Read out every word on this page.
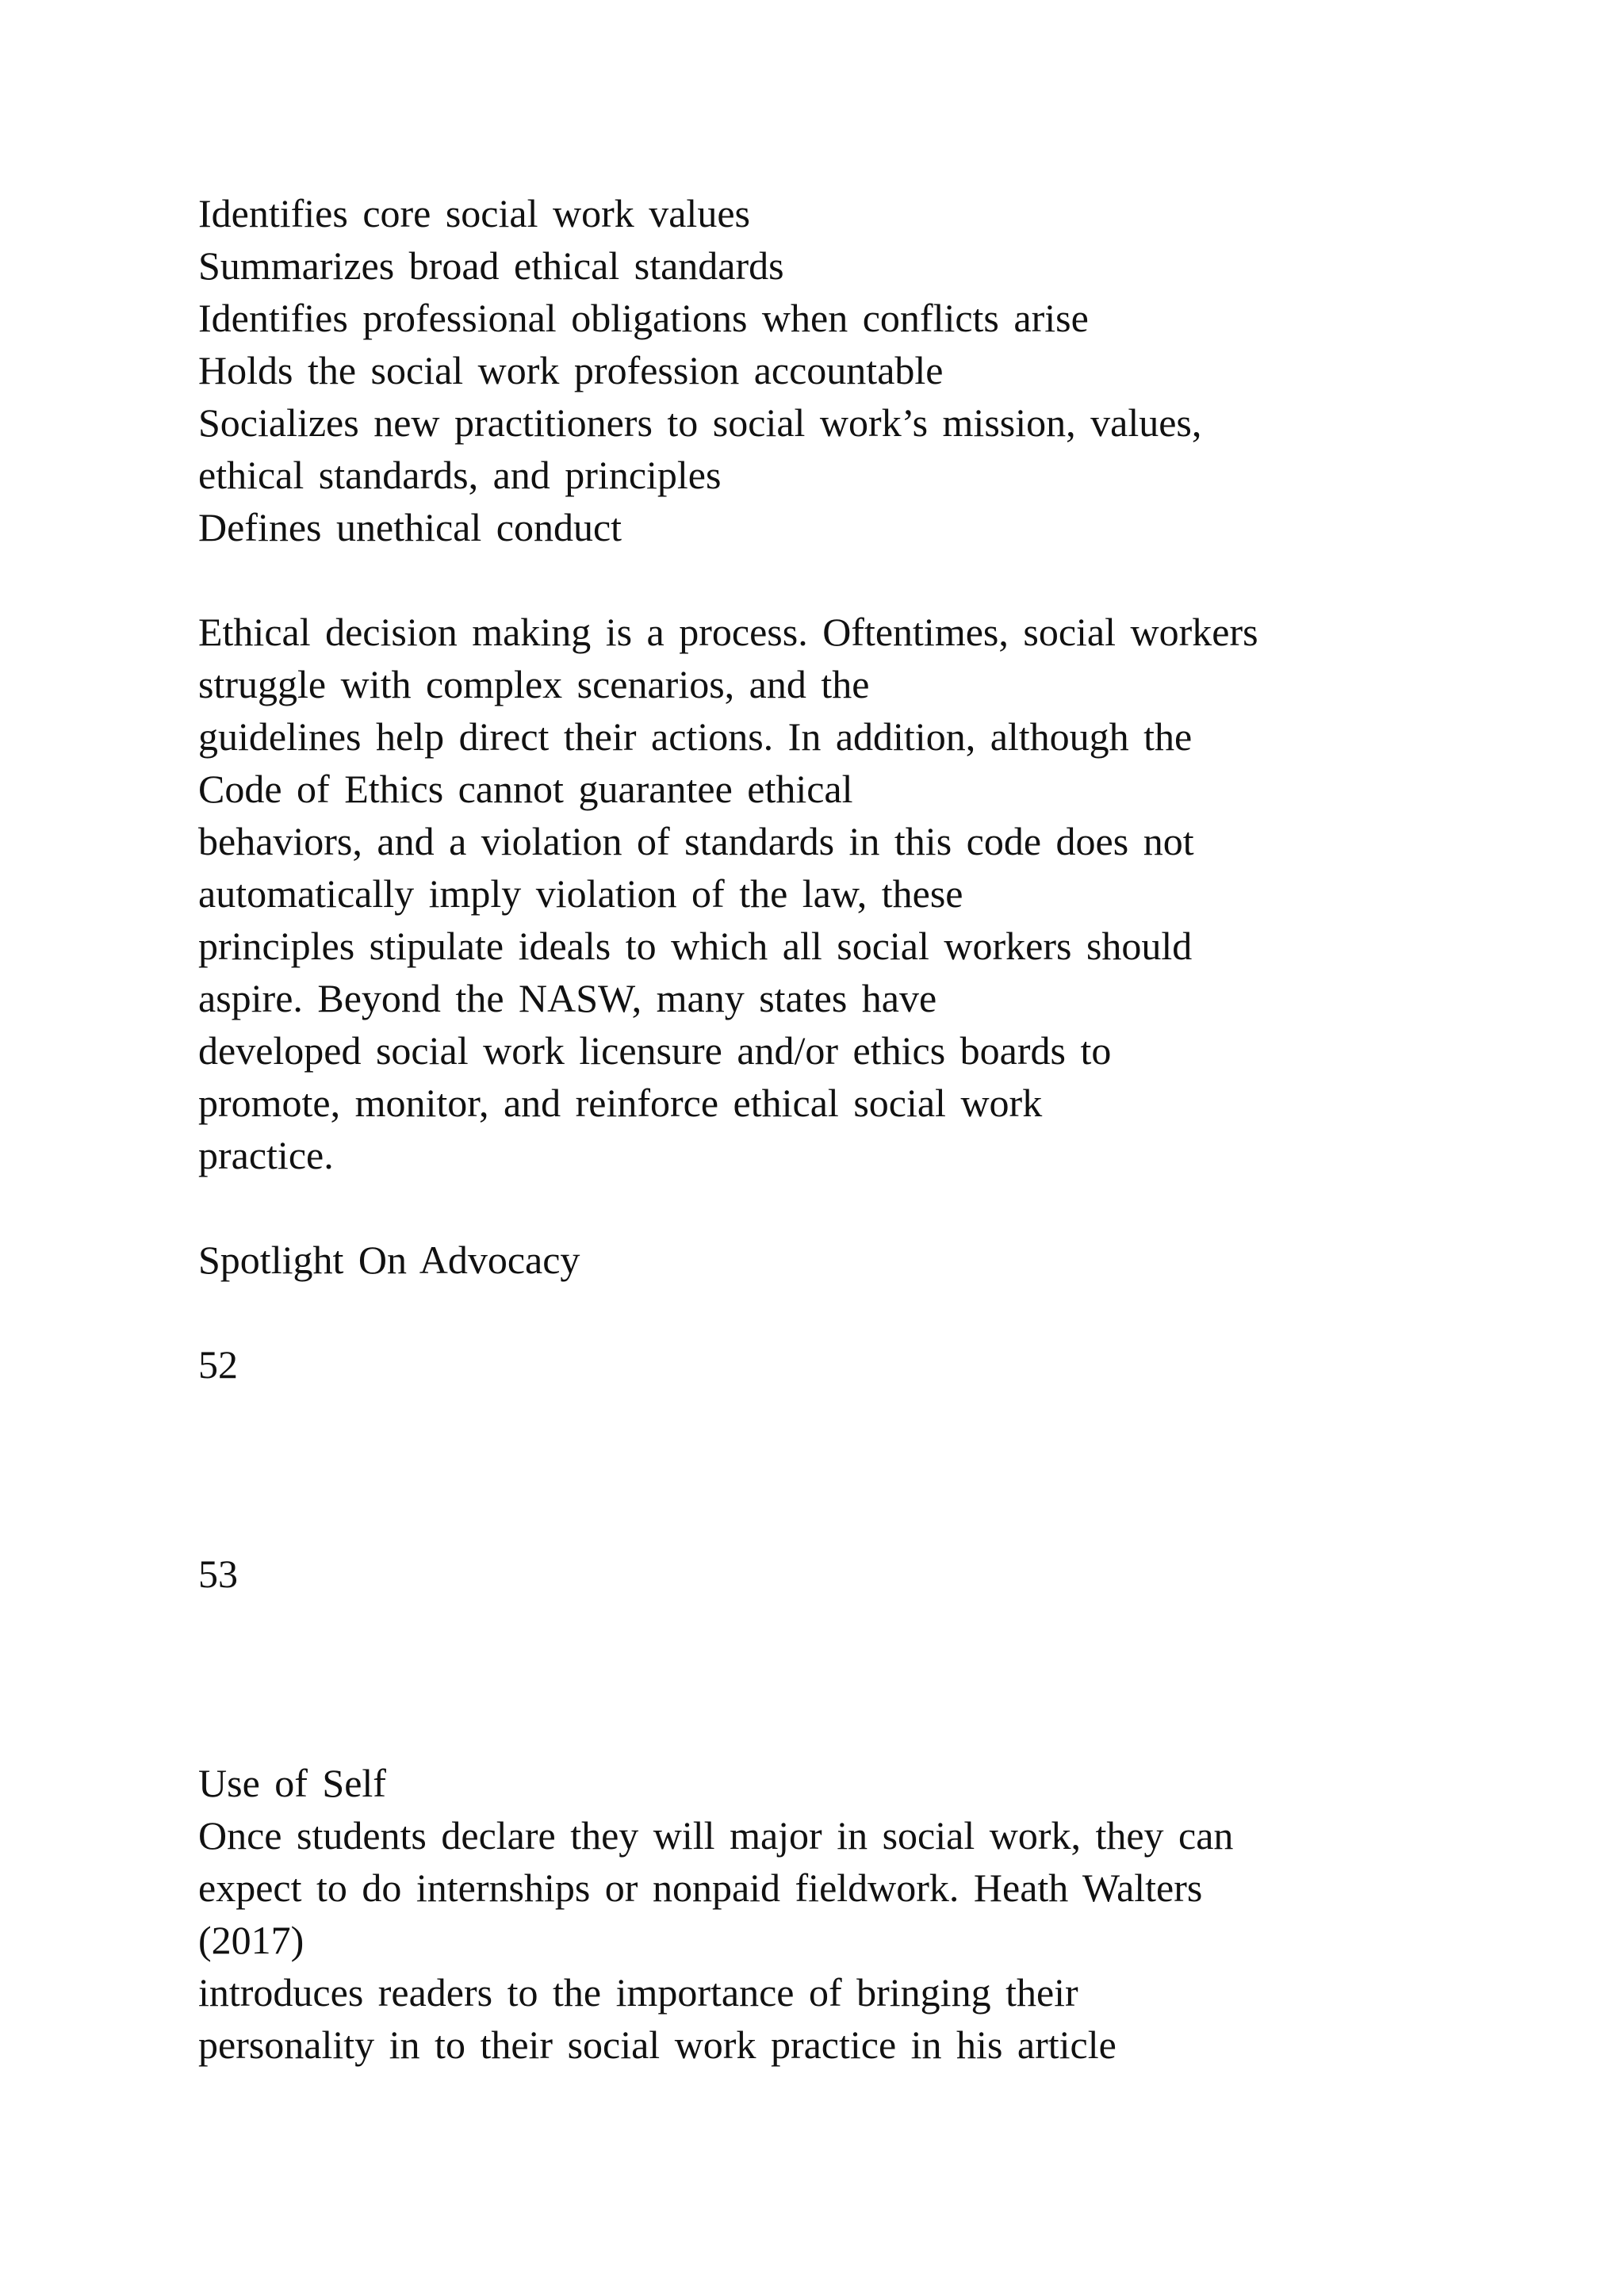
Identifies core social work values
Summarizes broad ethical standards
Identifies professional obligations when conflicts arise
Holds the social work profession accountable
Socializes new practitioners to social work’s mission, values,
ethical standards, and principles
Defines unethical conduct
Ethical decision making is a process. Oftentimes, social workers
struggle with complex scenarios, and the
guidelines help direct their actions. In addition, although the
Code of Ethics cannot guarantee ethical
behaviors, and a violation of standards in this code does not
automatically imply violation of the law, these
principles stipulate ideals to which all social workers should
aspire. Beyond the NASW, many states have
developed social work licensure and/or ethics boards to
promote, monitor, and reinforce ethical social work
practice.
Spotlight On Advocacy
52
53
Use of Self
Once students declare they will major in social work, they can
expect to do internships or nonpaid fieldwork. Heath Walters
(2017)
introduces readers to the importance of bringing their
personality in to their social work practice in his article
